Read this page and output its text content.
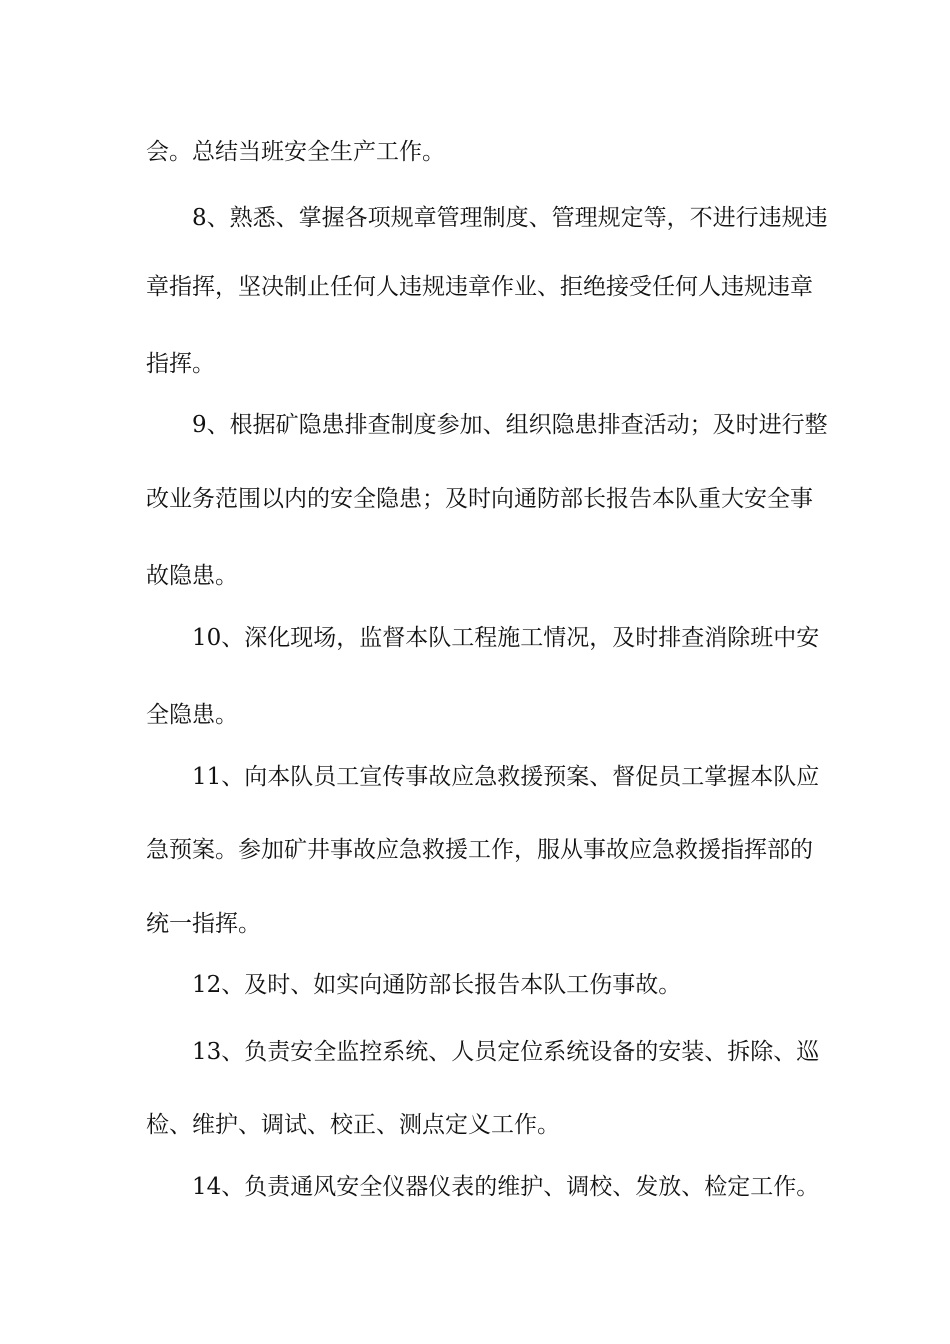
会。总结当班安全生产工作。

8、熟悉、掌握各项规章管理制度、管理规定等，不进行违规违

章指挥，坚决制止任何人违规违章作业、拒绝接受任何人违规违章

指挥。

9、根据矿隐患排查制度参加、组织隐患排查活动；及时进行整

改业务范围以内的安全隐患；及时向通防部长报告本队重大安全事

故隐患。

10、深化现场，监督本队工程施工情况，及时排查消除班中安

全隐患。

11、向本队员工宣传事故应急救援预案、督促员工掌握本队应

急预案。参加矿井事故应急救援工作，服从事故应急救援指挥部的

统一指挥。

12、及时、如实向通防部长报告本队工伤事故。

13、负责安全监控系统、人员定位系统设备的安装、拆除、巡

检、维护、调试、校正、测点定义工作。

14、负责通风安全仪器仪表的维护、调校、发放、检定工作。
